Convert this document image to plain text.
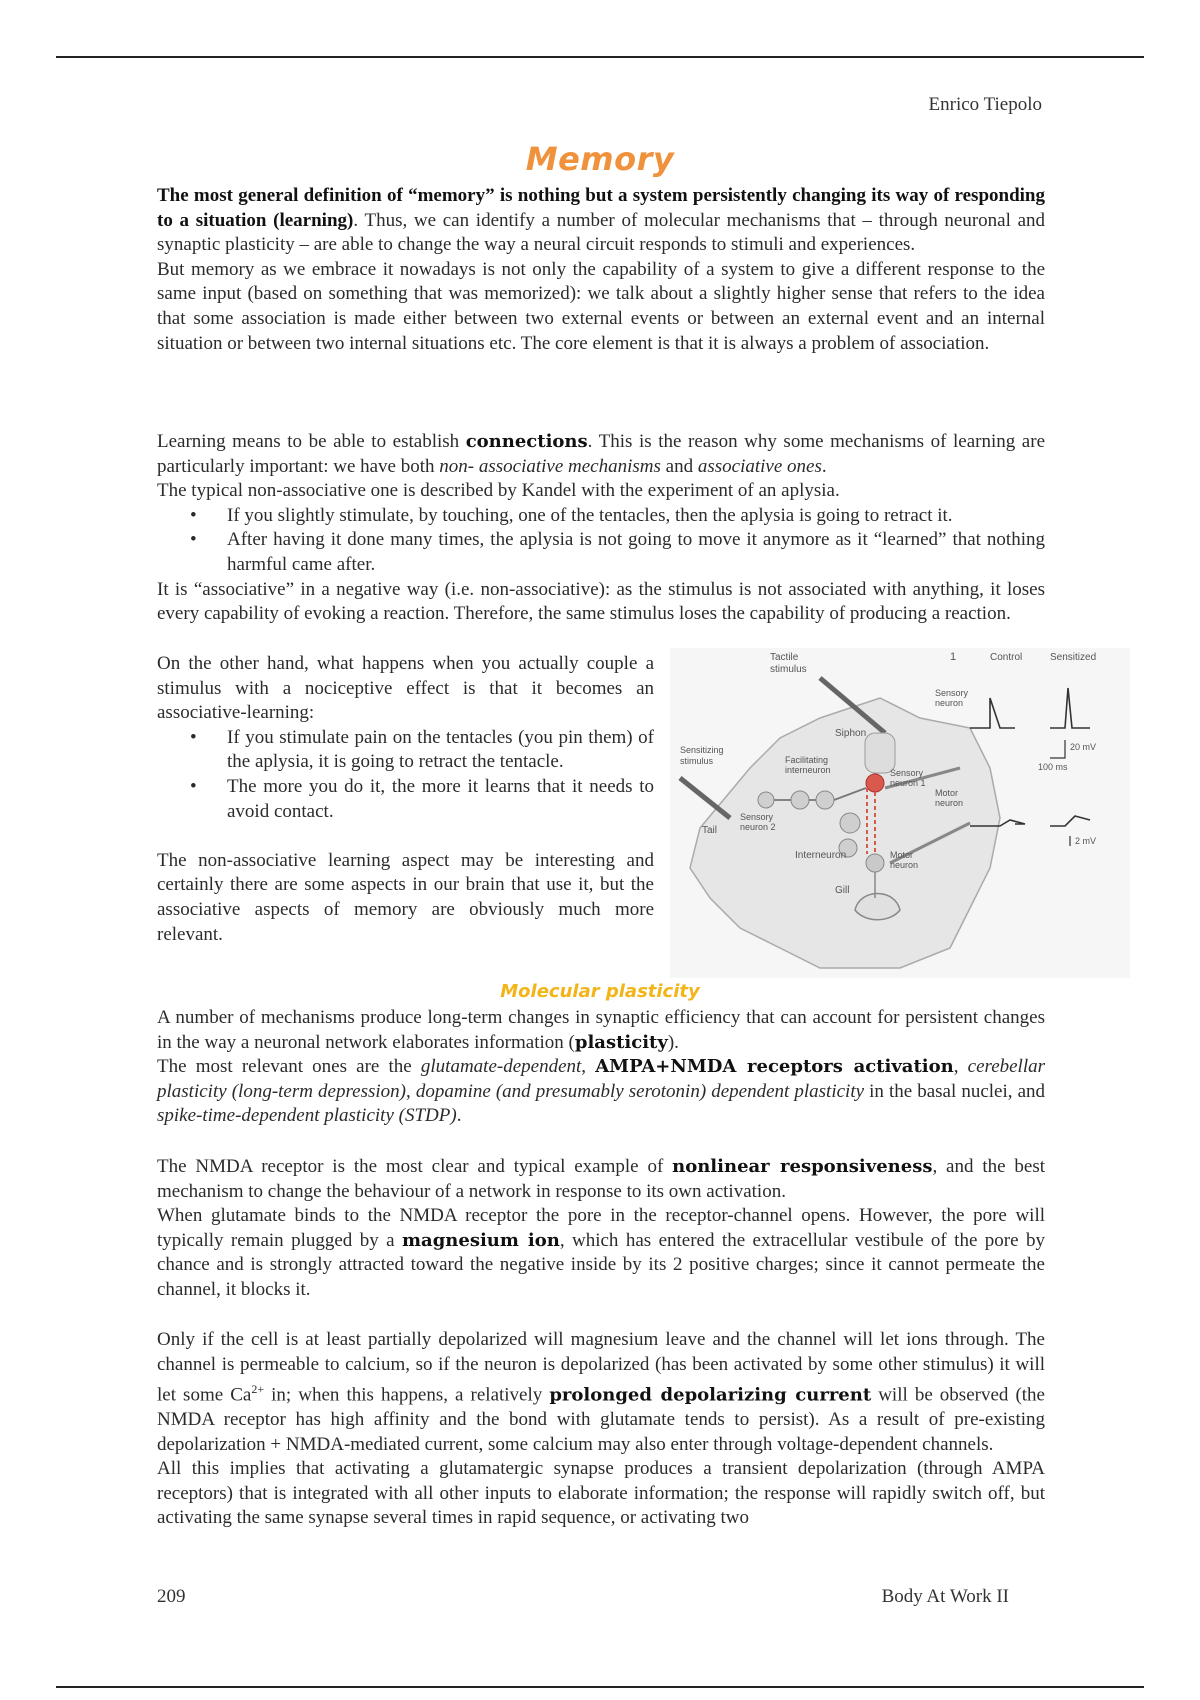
Enrico Tiepolo
Memory

The most general definition of “memory” is nothing but a system persistently changing its way of responding to a situation (learning). Thus, we can identify a number of molecular mechanisms that – through neuronal and synaptic plasticity – are able to change the way a neural circuit responds to stimuli and experiences.

But memory as we embrace it nowadays is not only the capability of a system to give a different response to the same input (based on something that was memorized): we talk about a slightly higher sense that refers to the idea that some association is made either between two external events or between an external event and an internal situation or between two internal situations etc. The core element is that it is always a problem of association.

Learning means to be able to establish connections. This is the reason why some mechanisms of learning are particularly important: we have both non- associative mechanisms and associative ones.

The typical non-associative one is described by Kandel with the experiment of an aplysia.

• If you slightly stimulate, by touching, one of the tentacles, then the aplysia is going to retract it.
• After having it done many times, the aplysia is not going to move it anymore as it “learned” that nothing harmful came after.

It is “associative” in a negative way (i.e. non-associative): as the stimulus is not associated with anything, it loses every capability of evoking a reaction. Therefore, the same stimulus loses the capability of producing a reaction.

On the other hand, what happens when you actually couple a stimulus with a nociceptive effect is that it becomes an associative-learning:

• If you stimulate pain on the tentacles (you pin them) of the aplysia, it is going to retract the tentacle.
• The more you do it, the more it learns that it needs to avoid contact.

The non-associative learning aspect may be interesting and certainly there are some aspects in our brain that use it, but the associative aspects of memory are obviously much more relevant.

Tactile
stimulus
1	Control	Sensitized
Sensory
neuron
Siphon
Sensitizing
stimulus	Facilitating
interneuron	Sensory
neuron 1
Motor
neuron
Sensory
neuron 2
Tail
Interneuron	Motor
neuron
Gill
20 mV
100 ms
2 mV
Molecular plasticity

A number of mechanisms produce long-term changes in synaptic efficiency that can account for persistent changes in the way a neuronal network elaborates information (plasticity).

The most relevant ones are the glutamate-dependent, AMPA+NMDA receptors activation, cerebellar plasticity (long-term depression), dopamine (and presumably serotonin) dependent plasticity in the basal nuclei, and spike-time-dependent plasticity (STDP).

The NMDA receptor is the most clear and typical example of nonlinear responsiveness, and the best mechanism to change the behaviour of a network in response to its own activation.

When glutamate binds to the NMDA receptor the pore in the receptor-channel opens. However, the pore will typically remain plugged by a magnesium ion, which has entered the extracellular vestibule of the pore by chance and is strongly attracted toward the negative inside by its 2 positive charges; since it cannot permeate the channel, it blocks it.

Only if the cell is at least partially depolarized will magnesium leave and the channel will let ions through. The channel is permeable to calcium, so if the neuron is depolarized (has been activated by some other stimulus) it will let some $Ca^{2+}$ in; when this happens, a relatively prolonged depolarizing current will be observed (the NMDA receptor has high affinity and the bond with glutamate tends to persist). As a result of pre-existing depolarization + NMDA-mediated current, some calcium may also enter through voltage-dependent channels.

All this implies that activating a glutamatergic synapse produces a transient depolarization (through AMPA receptors) that is integrated with all other inputs to elaborate information; the response will rapidly switch off, but activating the same synapse several times in rapid sequence, or activating two

209	Body At Work II
